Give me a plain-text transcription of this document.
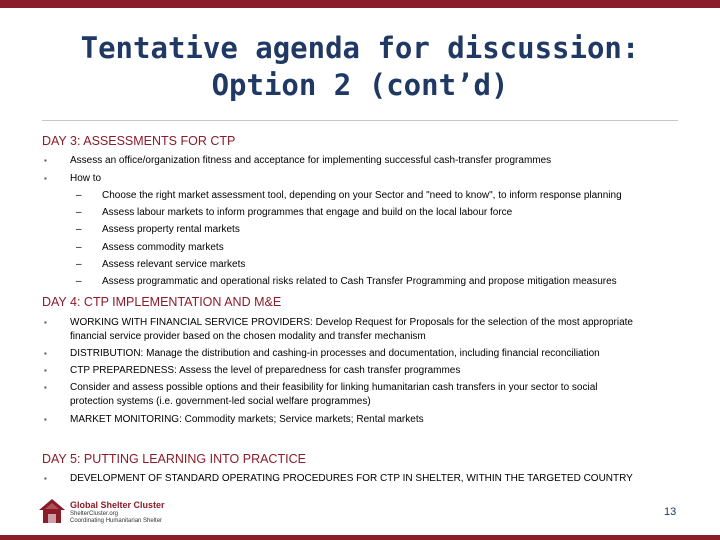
Tentative agenda for discussion:
Option 2 (cont’d)
DAY 3: ASSESSMENTS FOR CTP
▪ Assess an office/organization fitness and acceptance for implementing successful cash-transfer programmes
▪ How to
– Choose the right market assessment tool, depending on your Sector and "need to know", to inform response planning
– Assess labour markets to inform programmes that engage and build on the local labour force
– Assess property rental markets
– Assess commodity markets
– Assess relevant service markets
– Assess programmatic and operational risks related to Cash Transfer Programming and propose mitigation measures
DAY 4: CTP IMPLEMENTATION AND M&E
▪ WORKING WITH FINANCIAL SERVICE PROVIDERS: Develop Request for Proposals for the selection of the most appropriate
financial service provider based on the chosen modality and transfer mechanism
▪ DISTRIBUTION: Manage the distribution and cashing-in processes and documentation, including financial reconciliation
▪ CTP PREPAREDNESS: Assess the level of preparedness for cash transfer programmes
▪ Consider and assess possible options and their feasibility for linking humanitarian cash transfers in your sector to social
protection systems (i.e. government-led social welfare programmes)
▪ MARKET MONITORING: Commodity markets; Service markets; Rental markets
DAY 5: PUTTING LEARNING INTO PRACTICE
▪ DEVELOPMENT OF STANDARD OPERATING PROCEDURES FOR CTP IN SHELTER, WITHIN THE TARGETED COUNTRY
Global Shelter Cluster
ShelterCluster.org
Coordinating Humanitarian Shelter
13
